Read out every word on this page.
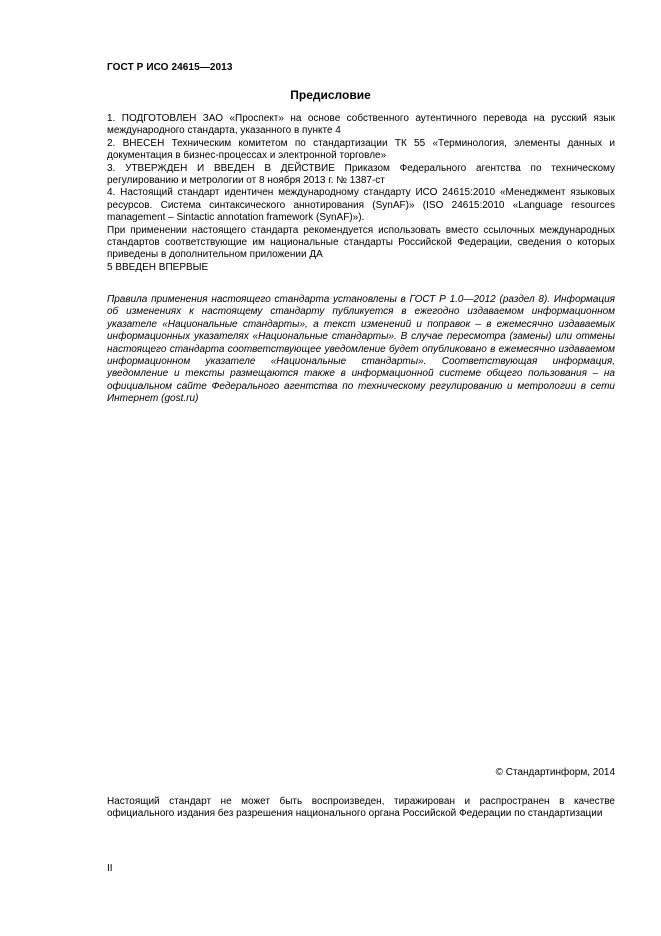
ГОСТ Р ИСО 24615—2013
Предисловие

1. ПОДГОТОВЛЕН ЗАО «Проспект» на основе собственного аутентичного перевода на русский язык международного стандарта, указанного в пункте 4

2. ВНЕСЕН Техническим комитетом по стандартизации ТК 55 «Терминология, элементы данных и документация в бизнес-процессах и электронной торговле»

3. УТВЕРЖДЕН И ВВЕДЕН В ДЕЙСТВИЕ Приказом Федерального агентства по техническому регулированию и метрологии от 8 ноября 2013 г. № 1387-ст

4. Настоящий стандарт идентичен международному стандарту ИСО 24615:2010 «Менеджмент языковых ресурсов. Система синтаксического аннотирования (SynAF)» (ISO 24615:2010 «Language resources management – Sintactic annotation framework (SynAF)»).

При применении настоящего стандарта рекомендуется использовать вместо ссылочных международных стандартов соответствующие им национальные стандарты Российской Федерации, сведения о которых приведены в дополнительном приложении ДА

5 ВВЕДЕН ВПЕРВЫЕ

Правила применения настоящего стандарта установлены в ГОСТ Р 1.0—2012 (раздел 8). Информация об изменениях к настоящему стандарту публикуется в ежегодно издаваемом информационном указателе «Национальные стандарты», а текст изменений и поправок – в ежемесячно издаваемых информационных указателях «Национальные стандарты». В случае пересмотра (замены) или отмены настоящего стандарта соответствующее уведомление будет опубликовано в ежемесячно издаваемом информационном указателе «Национальные стандарты». Соответствующая информация, уведомление и тексты размещаются также в информационной системе общего пользования – на официальном сайте Федерального агентства по техническому регулированию и метрологии в сети Интернет (gost.ru)

© Стандартинформ, 2014

Настоящий стандарт не может быть воспроизведен, тиражирован и распространен в качестве официального издания без разрешения национального органа Российской Федерации по стандартизации

II
